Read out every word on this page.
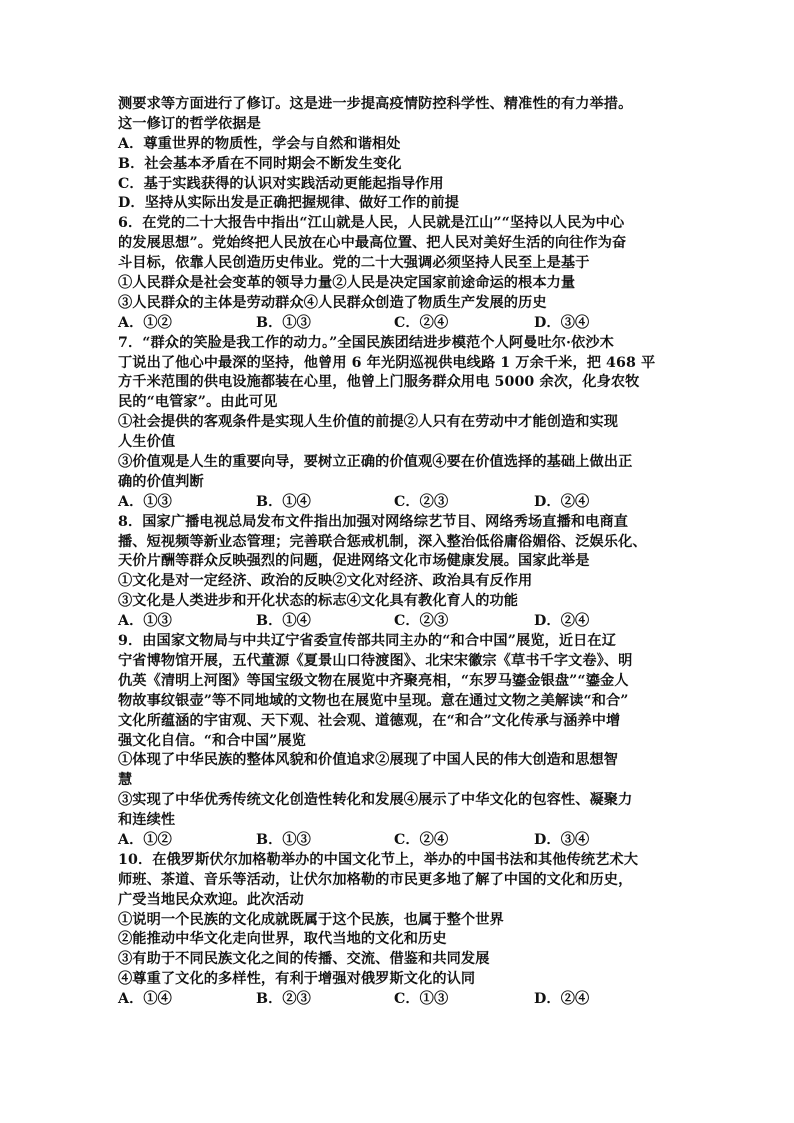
测要求等方面进行了修订。这是进一步提高疫情防控科学性、精准性的有力举措。
这一修订的哲学依据是
A．尊重世界的物质性，学会与自然和谐相处
B．社会基本矛盾在不同时期会不断发生变化
C．基于实践获得的认识对实践活动更能起指导作用
D．坚持从实际出发是正确把握规律、做好工作的前提
6．在党的二十大报告中指出“江山就是人民，人民就是江山”“坚持以人民为中心
的发展思想”。党始终把人民放在心中最高位置、把人民对美好生活的向往作为奋
斗目标，依靠人民创造历史伟业。党的二十大强调必须坚持人民至上是基于
①人民群众是社会变革的领导力量②人民是决定国家前途命运的根本力量
③人民群众的主体是劳动群众④人民群众创造了物质生产发展的历史
A．①②	B．①③	C．②④	D．③④
7．“群众的笑脸是我工作的动力。”全国民族团结进步模范个人阿曼吐尔·依沙木
丁说出了他心中最深的坚持，他曾用 6 年光阴巡视供电线路 1 万余千米，把 468 平
方千米范围的供电设施都装在心里，他曾上门服务群众用电 5000 余次，化身农牧
民的“电管家”。由此可见
①社会提供的客观条件是实现人生价值的前提②人只有在劳动中才能创造和实现
人生价值
③价值观是人生的重要向导，要树立正确的价值观④要在价值选择的基础上做出正
确的价值判断
A．①③	B．①④	C．②③	D．②④
8．国家广播电视总局发布文件指出加强对网络综艺节目、网络秀场直播和电商直
播、短视频等新业态管理；完善联合惩戒机制，深入整治低俗庸俗媚俗、泛娱乐化、
天价片酬等群众反映强烈的问题，促进网络文化市场健康发展。国家此举是
①文化是对一定经济、政治的反映②文化对经济、政治具有反作用
③文化是人类进步和开化状态的标志④文化具有教化育人的功能
A．①③	B．①④	C．②③	D．②④
9．由国家文物局与中共辽宁省委宣传部共同主办的“和合中国”展览，近日在辽
宁省博物馆开展，五代董源《夏景山口待渡图》、北宋宋徽宗《草书千字文卷》、明
仇英《清明上河图》等国宝级文物在展览中齐聚亮相，“东罗马鎏金银盘”“鎏金人
物故事纹银壶”等不同地域的文物也在展览中呈现。意在通过文物之美解读“和合”
文化所蕴涵的宇宙观、天下观、社会观、道德观，在“和合”文化传承与涵养中增
强文化自信。“和合中国”展览
①体现了中华民族的整体风貌和价值追求②展现了中国人民的伟大创造和思想智
慧
③实现了中华优秀传统文化创造性转化和发展④展示了中华文化的包容性、凝聚力
和连续性
A．①②	B．①③	C．②④	D．③④
10．在俄罗斯伏尔加格勒举办的中国文化节上，举办的中国书法和其他传统艺术大
师班、茶道、音乐等活动，让伏尔加格勒的市民更多地了解了中国的文化和历史，
广受当地民众欢迎。此次活动
①说明一个民族的文化成就既属于这个民族，也属于整个世界
②能推动中华文化走向世界，取代当地的文化和历史
③有助于不同民族文化之间的传播、交流、借鉴和共同发展
④尊重了文化的多样性，有利于增强对俄罗斯文化的认同
A．①④	B．②③	C．①③	D．②④
